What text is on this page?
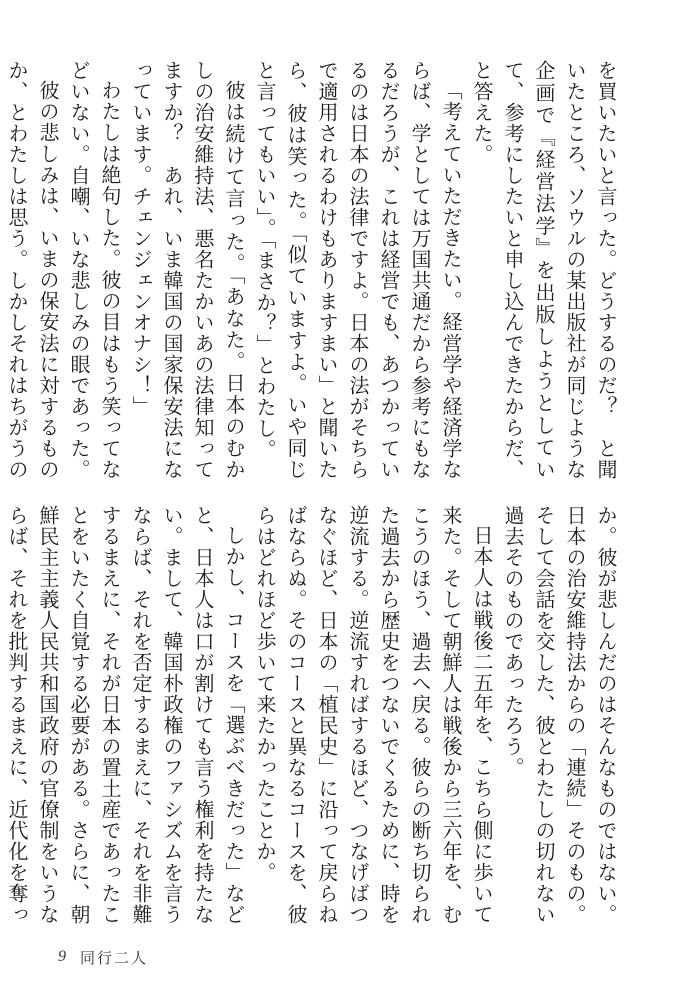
を買いたいと言った。どうするのだ？　と聞いたところ、ソウルの某出版社が同じような企画で『経営法学』を出版しようとしていて、参考にしたいと申し込んできたからだ、と答えた。
「考えていただきたい。経営学や経済学ならば、学としては万国共通だから参考にもなるだろうが、これは経営でも、あつかっているのは日本の法律ですよ。日本の法がそちらで適用されるわけもありますまい」と聞いたら、彼は笑った。「似ていますよ。いや同じと言ってもいい」。「まさか？」とわたし。
彼は続けて言った。「あなた。日本のむかしの治安維持法、悪名たかいあの法律知ってますか？　あれ、いま韓国の国家保安法になっています。チェンジェンオナシ！」
わたしは絶句した。彼の目はもう笑ってなどいない。自嘲、いな悲しみの眼であった。
彼の悲しみは、いまの保安法に対するものか、とわたしは思う。しかしそれはちがうの
か。彼が悲しんだのはそんなものではない。日本の治安維持法からの「連続」そのもの。そして会話を交した、彼とわたしの切れない過去そのものであったろう。
日本人は戦後二五年を、こちら側に歩いて来た。そして朝鮮人は戦後から三六年を、むこうのほう、過去へ戻る。彼らの断ち切られた過去から歴史をつないでくるために、時を逆流する。逆流すればするほど、つなげばつなぐほど、日本の「植民史」に沿って戻らねばならぬ。そのコースと異なるコースを、彼らはどれほど歩いて来たかったことか。
しかし、コースを「選ぶべきだった」などと、日本人は口が割けても言う権利を持たない。まして、韓国朴政権のファシズムを言うならば、それを否定するまえに、それを非難するまえに、それが日本の置土産であったことをいたく自覚する必要がある。さらに、朝鮮民主主義人民共和国政府の官僚制をいうならば、それを批判するまえに、近代化を奪っ
9 同行二人
